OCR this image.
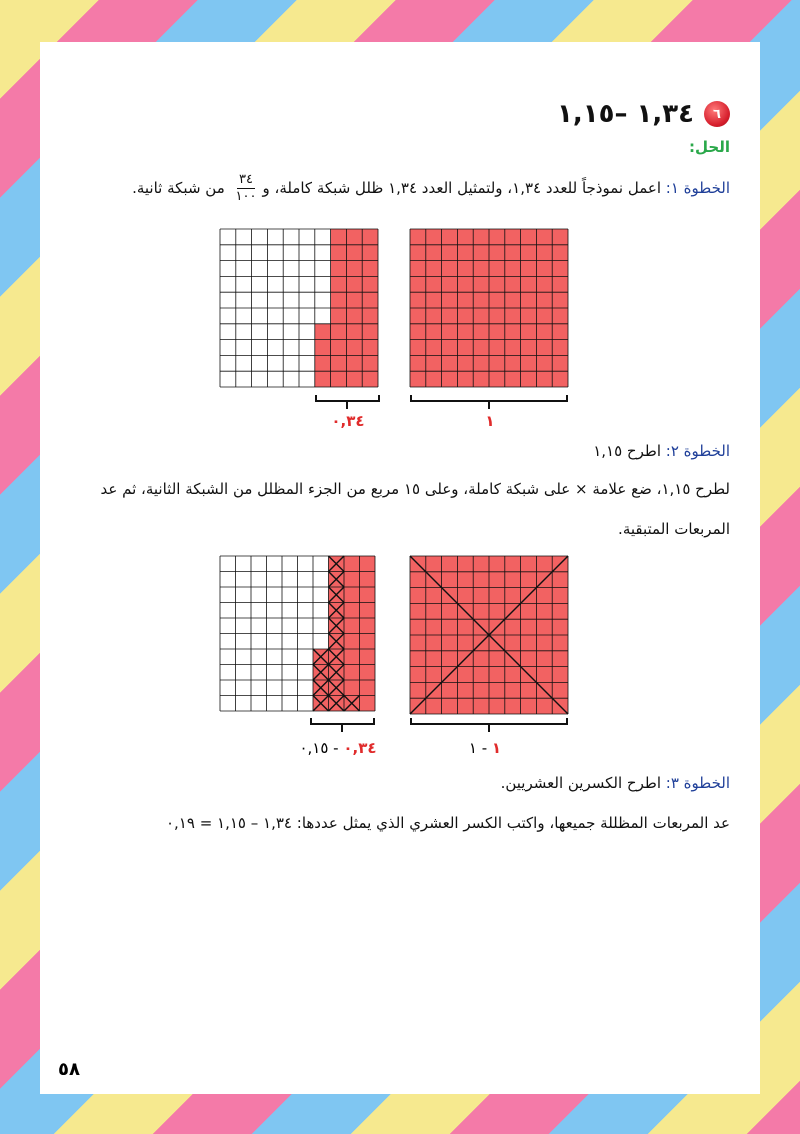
٦
١,٣٤ –١,١٥
الحل:
الخطوة ١: اعمل نموذجاً للعدد ١,٣٤، ولتمثيل العدد ١,٣٤ ظلل شبكة كاملة، و
$\frac{٣٤}{١٠٠}$
من شبكة ثانية.
٠,٣٤	١
الخطوة ٢: اطرح ١,١٥
لطرح ١,١٥، ضع علامة × على شبكة كاملة، وعلى ١٥ مربع من الجزء المظلل من الشبكة الثانية، ثم عد
المربعات المتبقية.
٠,٣٤ - ٠,١٥	١ - ١
الخطوة ٣: اطرح الكسرين العشريين.
عد المربعات المظللة جميعها، واكتب الكسر العشري الذي يمثل عددها: ١,٣٤ – ١,١٥ = ٠,١٩
٥٨
